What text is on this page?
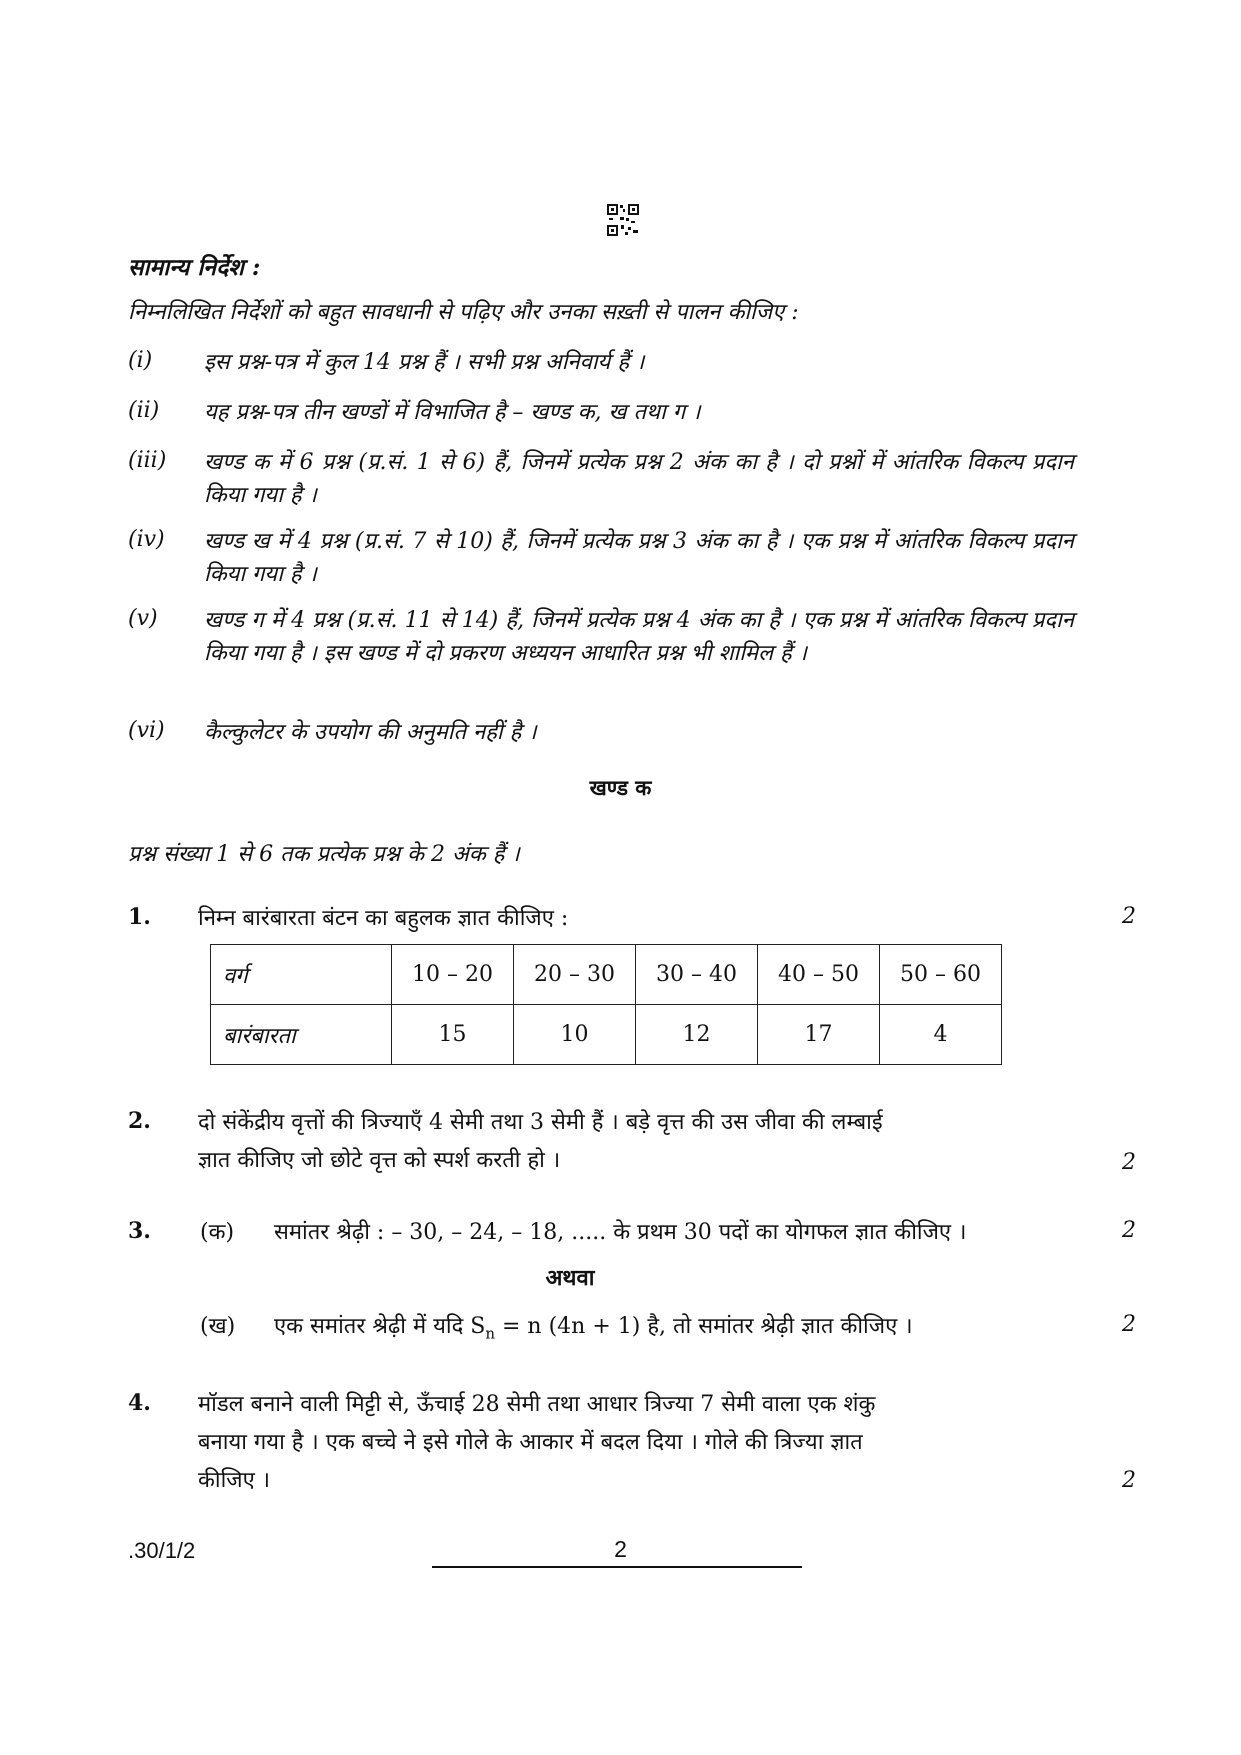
सामान्य निर्देश :
निम्नलिखित निर्देशों को बहुत सावधानी से पढ़िए और उनका सख़्ती से पालन कीजिए :
(i)	इस प्रश्न-पत्र में कुल 14 प्रश्न हैं । सभी प्रश्न अनिवार्य हैं ।
(ii)	यह प्रश्न-पत्र तीन खण्डों में विभाजित है – खण्ड क, ख तथा ग ।
(iii)	खण्ड क में 6 प्रश्न (प्र.सं. 1 से 6) हैं, जिनमें प्रत्येक प्रश्न 2 अंक का है । दो प्रश्नों में आंतरिक विकल्प प्रदान किया गया है ।
(iv)	खण्ड ख में 4 प्रश्न (प्र.सं. 7 से 10) हैं, जिनमें प्रत्येक प्रश्न 3 अंक का है । एक प्रश्न में आंतरिक विकल्प प्रदान किया गया है ।
(v)	खण्ड ग में 4 प्रश्न (प्र.सं. 11 से 14) हैं, जिनमें प्रत्येक प्रश्न 4 अंक का है । एक प्रश्न में आंतरिक विकल्प प्रदान किया गया है । इस खण्ड में दो प्रकरण अध्ययन आधारित प्रश्न भी शामिल हैं ।
(vi)	कैल्कुलेटर के उपयोग की अनुमति नहीं है ।
खण्ड क
प्रश्न संख्या 1 से 6 तक प्रत्येक प्रश्न के 2 अंक हैं ।
1. निम्न बारंबारता बंटन का बहुलक ज्ञात कीजिए :	2
वर्ग	10 – 20	20 – 30	30 – 40	40 – 50	50 – 60
बारंबारता	15	10	12	17	4
2. दो संकेंद्रीय वृत्तों की त्रिज्याएँ 4 सेमी तथा 3 सेमी हैं । बड़े वृत्त की उस जीवा की लम्बाई
ज्ञात कीजिए जो छोटे वृत्त को स्पर्श करती हो ।	2
3. (क) समांतर श्रेढ़ी : – 30, – 24, – 18, ..... के प्रथम 30 पदों का योगफल ज्ञात कीजिए ।	2
अथवा
(ख) एक समांतर श्रेढ़ी में यदि $S_n = n$ (4n + 1) है, तो समांतर श्रेढ़ी ज्ञात कीजिए ।	2
4. मॉडल बनाने वाली मिट्टी से, ऊँचाई 28 सेमी तथा आधार त्रिज्या 7 सेमी वाला एक शंकु
बनाया गया है । एक बच्चे ने इसे गोले के आकार में बदल दिया । गोले की त्रिज्या ज्ञात
कीजिए ।	2
.30/1/2	2
